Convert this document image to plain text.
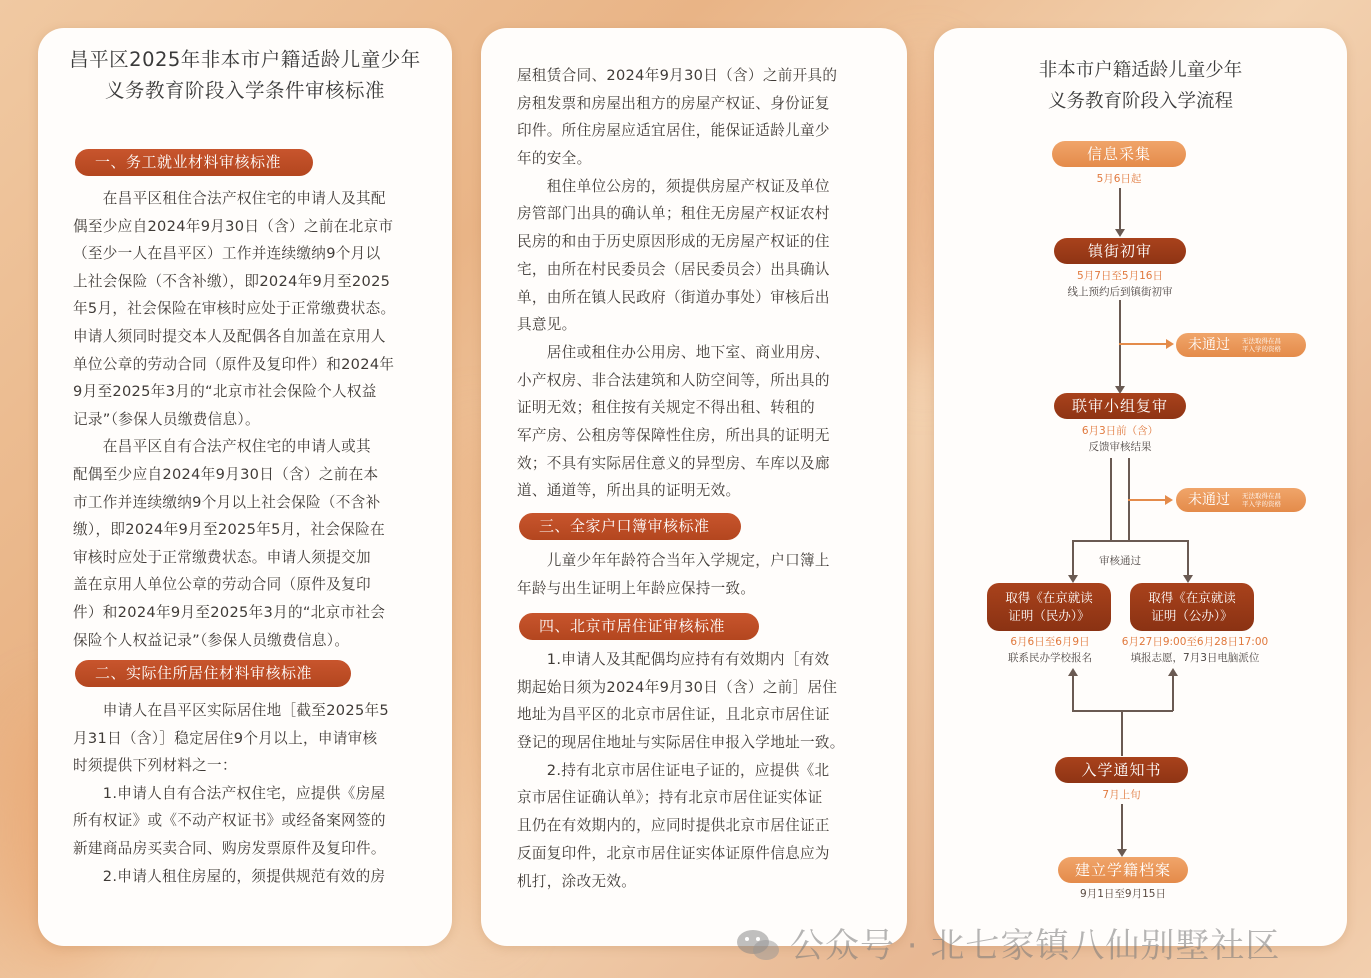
昌平区2025年非本市户籍适龄儿童少年
义务教育阶段入学条件审核标准
一、务工就业材料审核标准
　　在昌平区租住合法产权住宅的申请人及其配
偶至少应自2024年9月30日（含）之前在北京市
（至少一人在昌平区）工作并连续缴纳9个月以
上社会保险（不含补缴），即2024年9月至2025
年5月，社会保险在审核时应处于正常缴费状态。
申请人须同时提交本人及配偶各自加盖在京用人
单位公章的劳动合同（原件及复印件）和2024年
9月至2025年3月的“北京市社会保险个人权益
记录”（参保人员缴费信息）。
　　在昌平区自有合法产权住宅的申请人或其
配偶至少应自2024年9月30日（含）之前在本
市工作并连续缴纳9个月以上社会保险（不含补
缴），即2024年9月至2025年5月，社会保险在
审核时应处于正常缴费状态。申请人须提交加
盖在京用人单位公章的劳动合同（原件及复印
件）和2024年9月至2025年3月的“北京市社会
保险个人权益记录”（参保人员缴费信息）。
二、实际住所居住材料审核标准
　　申请人在昌平区实际居住地［截至2025年5
月31日（含）］稳定居住9个月以上，申请审核
时须提供下列材料之一：
　　1.申请人自有合法产权住宅，应提供《房屋
所有权证》或《不动产权证书》或经备案网签的
新建商品房买卖合同、购房发票原件及复印件。
　　2.申请人租住房屋的，须提供规范有效的房
屋租赁合同、2024年9月30日（含）之前开具的
房租发票和房屋出租方的房屋产权证、身份证复
印件。所住房屋应适宜居住，能保证适龄儿童少
年的安全。
　　租住单位公房的，须提供房屋产权证及单位
房管部门出具的确认单；租住无房屋产权证农村
民房的和由于历史原因形成的无房屋产权证的住
宅，由所在村民委员会（居民委员会）出具确认
单，由所在镇人民政府（街道办事处）审核后出
具意见。
　　居住或租住办公用房、地下室、商业用房、
小产权房、非合法建筑和人防空间等，所出具的
证明无效；租住按有关规定不得出租、转租的
军产房、公租房等保障性住房，所出具的证明无
效；不具有实际居住意义的异型房、车库以及廊
道、通道等，所出具的证明无效。
三、全家户口簿审核标准
　　儿童少年年龄符合当年入学规定，户口簿上
年龄与出生证明上年龄应保持一致。
四、北京市居住证审核标准
　　1.申请人及其配偶均应持有有效期内［有效
期起始日须为2024年9月30日（含）之前］居住
地址为昌平区的北京市居住证，且北京市居住证
登记的现居住地址与实际居住申报入学地址一致。
　　2.持有北京市居住证电子证的，应提供《北
京市居住证确认单》；持有北京市居住证实体证
且仍在有效期内的，应同时提供北京市居住证正
反面复印件，北京市居住证实体证原件信息应为
机打，涂改无效。
非本市户籍适龄儿童少年
义务教育阶段入学流程
信息采集
5月6日起
镇街初审
5月7日至5月16日
线上预约后到镇街初审
未通过	无法取得在昌
平入学的资格
联审小组复审
6月3日前（含）
反馈审核结果
未通过	无法取得在昌
平入学的资格
审核通过
取得《在京就读
证明（民办）》
取得《在京就读
证明（公办）》
6月6日至6月9日
联系民办学校报名
6月27日9:00至6月28日17:00
填报志愿，7月3日电脑派位
入学通知书
7月上旬
建立学籍档案
9月1日至9月15日
公众号 · 北七家镇八仙别墅社区
